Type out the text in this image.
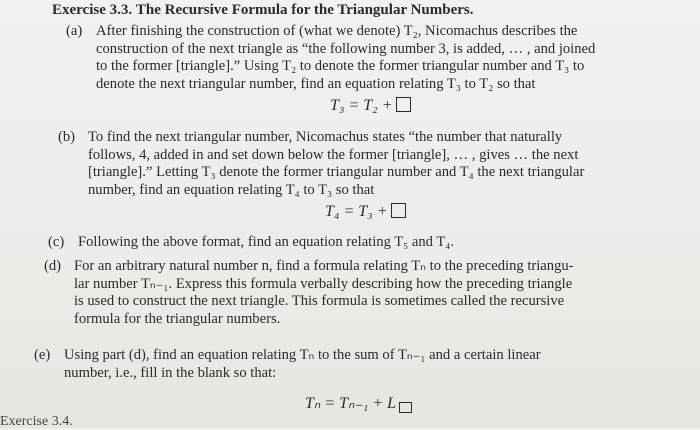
Exercise 3.3. The Recursive Formula for the Triangular Numbers.
(a) After finishing the construction of (what we denote) T₂, Nicomachus describes the
construction of the next triangle as “the following number 3, is added, … , and joined
to the former [triangle].” Using T₂ to denote the former triangular number and T₃ to
denote the next triangular number, find an equation relating T₃ to T₂ so that
T₃ = T₂ +
(b) To find the next triangular number, Nicomachus states “the number that naturally
follows, 4, added in and set down below the former [triangle], … , gives … the next
[triangle].” Letting T₃ denote the former triangular number and T₄ the next triangular
number, find an equation relating T₄ to T₃ so that
T₄ = T₃ +
(c) Following the above format, find an equation relating T₅ and T₄.
(d) For an arbitrary natural number n, find a formula relating Tₙ to the preceding triangu-
lar number Tₙ₋₁. Express this formula verbally describing how the preceding triangle
is used to construct the next triangle. This formula is sometimes called the recursive
formula for the triangular numbers.
(e) Using part (d), find an equation relating Tₙ to the sum of Tₙ₋₁ and a certain linear
number, i.e., fill in the blank so that:
Tₙ = Tₙ₋₁ + L
Exercise 3.4.
